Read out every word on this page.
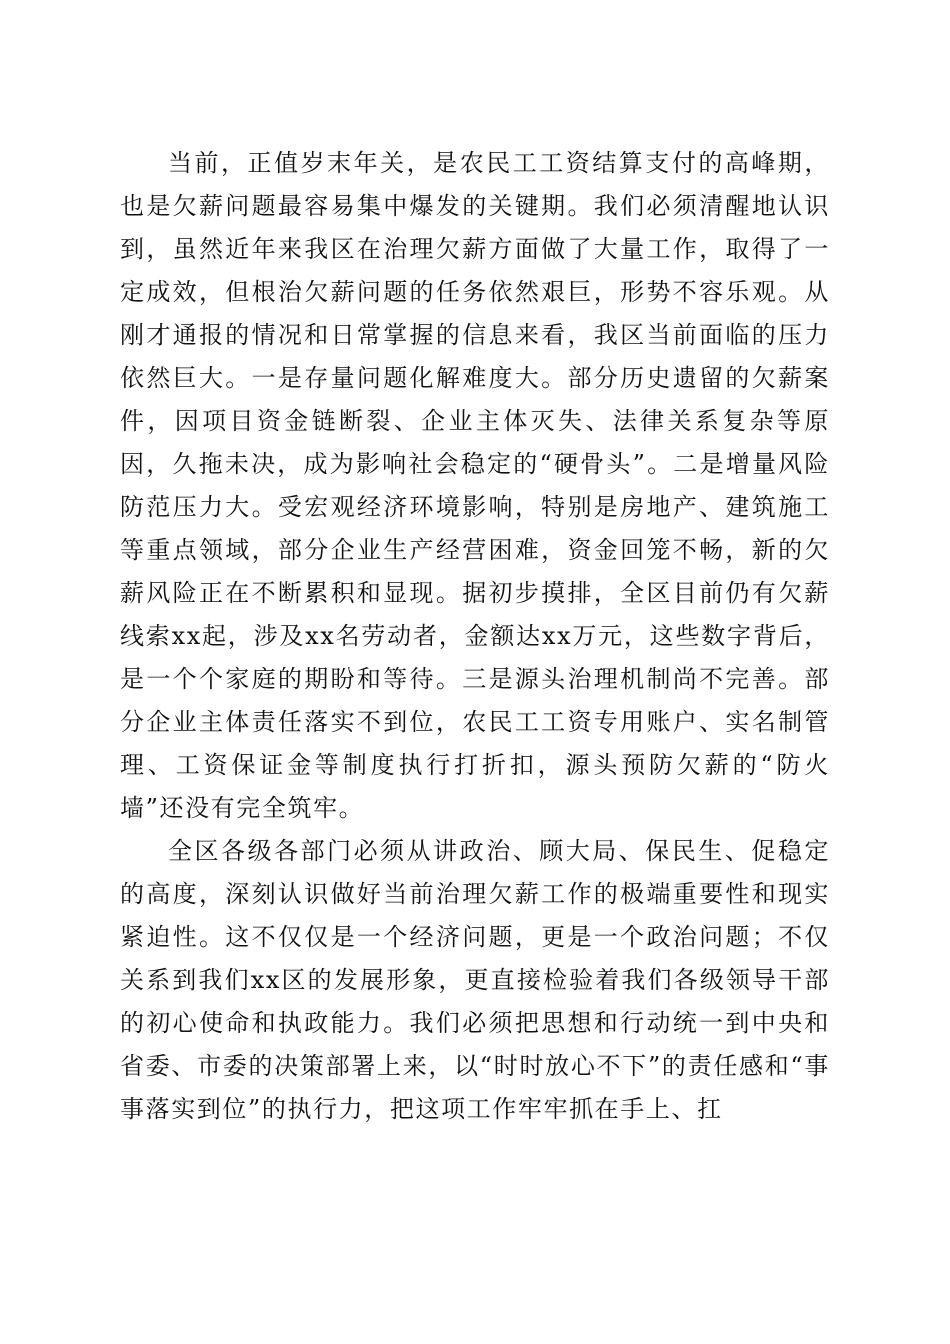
当前，正值岁末年关，是农民工工资结算支付的高峰期，也是欠薪问题最容易集中爆发的关键期。我们必须清醒地认识到，虽然近年来我区在治理欠薪方面做了大量工作，取得了一定成效，但根治欠薪问题的任务依然艰巨，形势不容乐观。从刚才通报的情况和日常掌握的信息来看，我区当前面临的压力依然巨大。一是存量问题化解难度大。部分历史遗留的欠薪案件，因项目资金链断裂、企业主体灭失、法律关系复杂等原因，久拖未决，成为影响社会稳定的“硬骨头”。二是增量风险防范压力大。受宏观经济环境影响，特别是房地产、建筑施工等重点领域，部分企业生产经营困难，资金回笼不畅，新的欠薪风险正在不断累积和显现。据初步摸排，全区目前仍有欠薪线索xx起，涉及xx名劳动者，金额达xx万元，这些数字背后，是一个个家庭的期盼和等待。三是源头治理机制尚不完善。部分企业主体责任落实不到位，农民工工资专用账户、实名制管理、工资保证金等制度执行打折扣，源头预防欠薪的“防火墙”还没有完全筑牢。

全区各级各部门必须从讲政治、顾大局、保民生、促稳定的高度，深刻认识做好当前治理欠薪工作的极端重要性和现实紧迫性。这不仅仅是一个经济问题，更是一个政治问题；不仅关系到我们xx区的发展形象，更直接检验着我们各级领导干部的初心使命和执政能力。我们必须把思想和行动统一到中央和省委、市委的决策部署上来，以“时时放心不下”的责任感和“事事落实到位”的执行力，把这项工作牢牢抓在手上、扛
